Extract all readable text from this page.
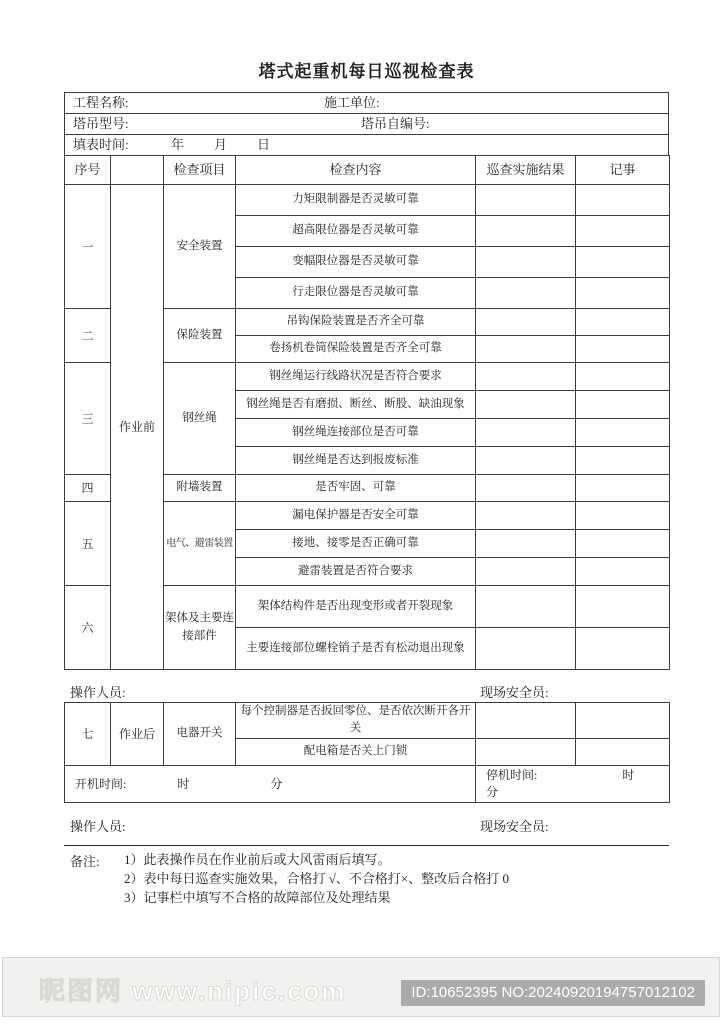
塔式起重机每日巡视检查表
工程名称:	施工单位:
塔吊型号:	塔吊自编号:
填表时间:	年 月 日
序号		检查项目	检查内容	巡查实施结果	记事
一	作业前	安全装置	力矩限制器是否灵敏可靠		
			超高限位器是否灵敏可靠		
			变幅限位器是否灵敏可靠		
			行走限位器是否灵敏可靠		
二		保险装置	吊钩保险装置是否齐全可靠		
			卷扬机卷筒保险装置是否齐全可靠		
三		钢丝绳	钢丝绳运行线路状况是否符合要求		
			钢丝绳是否有磨损、断丝、断股、缺油现象		
			钢丝绳连接部位是否可靠		
			钢丝绳是否达到报废标准		
四		附墙装置	是否牢固、可靠		
五		电气、避雷装置	漏电保护器是否安全可靠		
			接地、接零是否正确可靠		
			避雷装置是否符合要求		
六		架体及主要连接部件	架体结构件是否出现变形或者开裂现象		
			主要连接部位螺栓销子是否有松动退出现象		
操作人员:	现场安全员:
七	作业后	电器开关	每个控制器是否扳回零位、是否依次断开各开关		
			配电箱是否关上门锁		
开机时间: 时 分				停机时间: 时
分	
操作人员:	现场安全员:
备注: 1）此表操作员在作业前后或大风雷雨后填写。
2）表中每日巡查实施效果，合格打 √、不合格打×、整改后合格打 0
3）记事栏中填写不合格的故障部位及处理结果
昵图网 www.nipic.com	ID:10652395 NO:20240920194757012102
